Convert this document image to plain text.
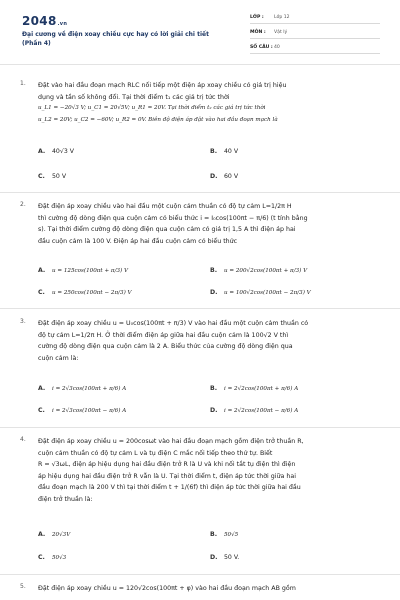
2048.vn
Đại cương về điện xoay chiều cực hay có lời giải chi tiết (Phần 4)
LỚP :	Lớp 12
MÔN :	Vật lý
SỐ CÂU : 40
1. Đặt vào hai đầu đoạn mạch RLC nối tiếp một điện áp xoay chiều có giá trị hiệu
dụng và tần số không đổi. Tại thời điểm t₁ các giá trị tức thời
u_L1 = −20√3 V; u_C1 = 20√5V; u_R1 = 20V. Tại thời điểm t₂ các giá trị tức thời
u_L2 = 20V; u_C2 = −60V; u_R2 = 0V. Biên độ điện áp đặt vào hai đầu đoạn mạch là
A. 40√3 V	B. 40 V
C. 50 V	D. 60 V
2. Đặt điện áp xoay chiều vào hai đầu một cuộn cảm thuần có độ tự cảm L=1/2π H
thì cường độ dòng điện qua cuộn cảm có biểu thức i = I₀cos(100πt − π/6) (t tính bằng
s). Tại thời điểm cường độ dòng điện qua cuộn cảm có giá trị 1,5 A thì điện áp hai
đầu cuộn cảm là 100 V. Điện áp hai đầu cuộn cảm có biểu thức
A. u = 125cos(100πt + π/3) V	B. u = 200√2cos(100πt + π/3) V
C. u = 250cos(100πt − 2π/3) V	D. u = 100√2cos(100πt − 2π/3) V
3. Đặt điện áp xoay chiều u = U₀cos(100πt + π/3) V vào hai đầu một cuộn cảm thuần có
độ tự cảm L=1/2π H. Ở thời điểm điện áp giữa hai đầu cuộn cảm là 100√2 V thì
cường độ dòng điện qua cuộn cảm là 2 A. Biểu thức của cường độ dòng điện qua
cuộn cảm là:
A. i = 2√3cos(100πt + π/6) A	B. i = 2√2cos(100πt + π/6) A
C. i = 2√3cos(100πt − π/6) A	D. i = 2√2cos(100πt − π/6) A
4. Đặt điện áp xoay chiều u = 200cosωt vào hai đầu đoạn mạch gồm điện trở thuần R,
cuộn cảm thuần có độ tự cảm L và tụ điện C mắc nối tiếp theo thứ tự. Biết
R = √3ωL, điện áp hiệu dụng hai đầu điện trở R là U và khi nối tắt tụ điện thì điện
áp hiệu dụng hai đầu điện trở R vẫn là U. Tại thời điểm t, điện áp tức thời giữa hai
đầu đoạn mạch là 200 V thì tại thời điểm t + 1/(6f) thì điện áp tức thời giữa hai đầu
điện trở thuần là:
A. 20√3V	B. 50√5
C. 50√3	D. 50 V.
5. Đặt điện áp xoay chiều u = 120√2cos(100πt + φ) vào hai đầu đoạn mạch AB gồm
